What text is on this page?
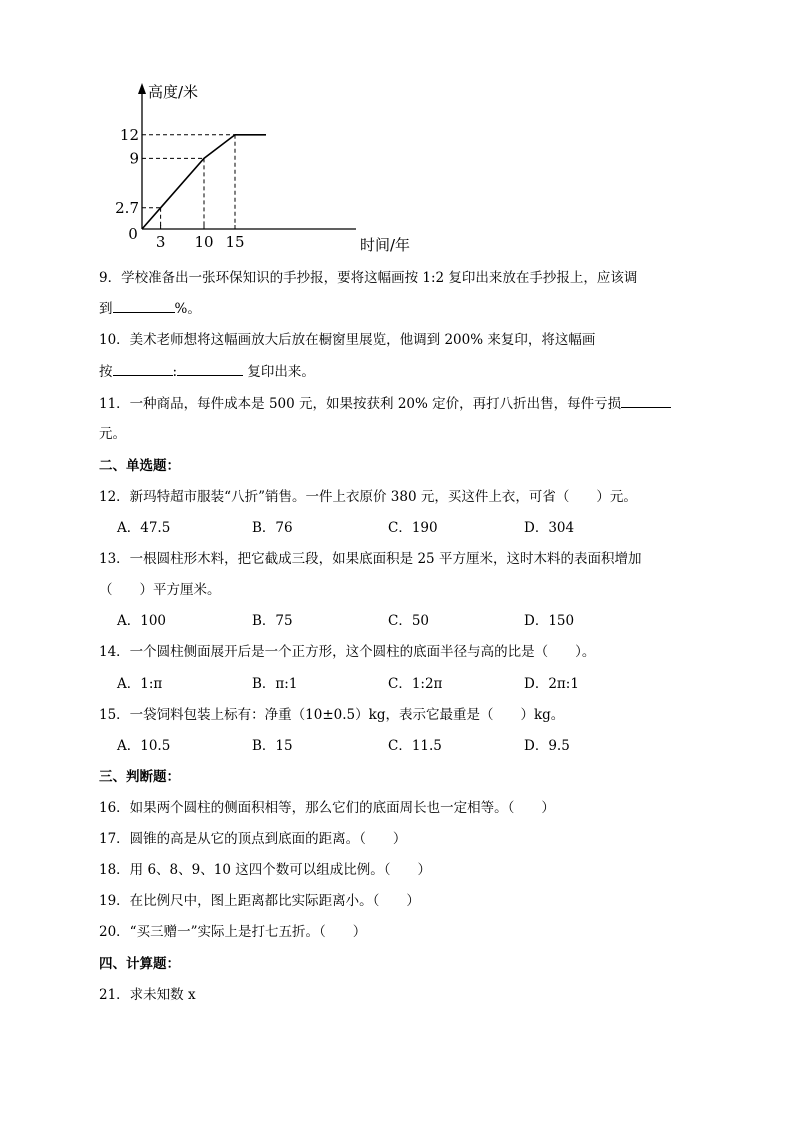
高度/米
时间/年
0 3 10 15
2.7
9
12
9．学校准备出一张环保知识的手抄报，要将这幅画按 1:2 复印出来放在手抄报上，应该调
到	%。
10．美术老师想将这幅画放大后放在橱窗里展览，他调到 200% 来复印，将这幅画
按	:	复印出来。
11．一种商品，每件成本是 500 元，如果按获利 20% 定价，再打八折出售，每件亏损
元。
二、单选题：
12．新玛特超市服装“八折”销售。一件上衣原价 380 元，买这件上衣，可省（　　）元。
A．47.5	B．76	C．190	D．304
13．一根圆柱形木料，把它截成三段，如果底面积是 25 平方厘米，这时木料的表面积增加
（　　）平方厘米。
A．100	B．75	C．50	D．150
14．一个圆柱侧面展开后是一个正方形，这个圆柱的底面半径与高的比是（　　）。
A．1:π	B．π:1	C．1:2π	D．2π:1
15．一袋饲料包装上标有：净重（10±0.5）kg，表示它最重是（　　）kg。
A．10.5	B．15	C．11.5	D．9.5
三、判断题：
16．如果两个圆柱的侧面积相等，那么它们的底面周长也一定相等。（　　）
17．圆锥的高是从它的顶点到底面的距离。（　　）
18．用 6、8、9、10 这四个数可以组成比例。（　　）
19．在比例尺中，图上距离都比实际距离小。（　　）
20．“买三赠一”实际上是打七五折。（　　）
四、计算题：
21．求未知数 x
